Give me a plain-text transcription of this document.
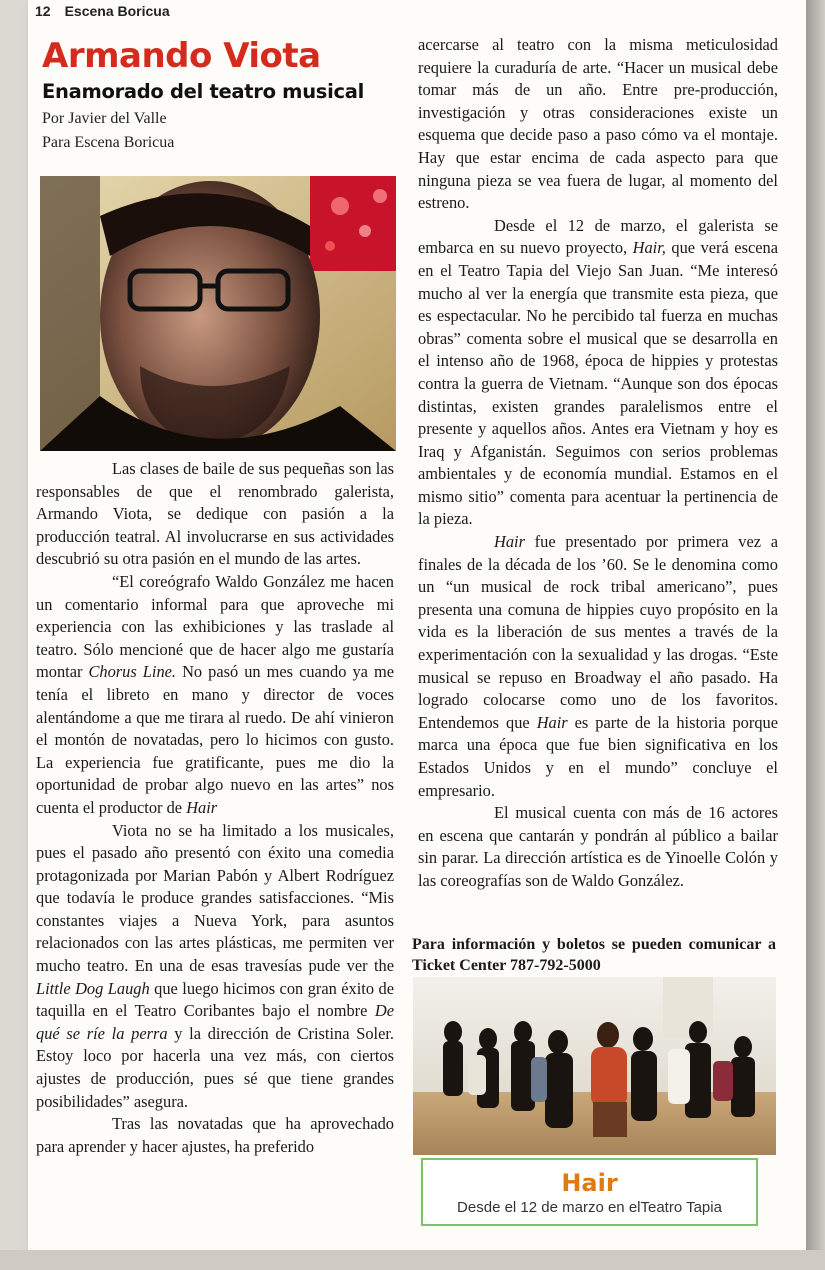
12 Escena Boricua
Armando Viota
Enamorado del teatro musical
Por Javier del Valle
Para Escena Boricua

Las clases de baile de sus pequeñas son las responsables de que el renombrado galerista, Armando Viota, se dedique con pasión a la producción teatral. Al involucrarse en sus actividades descubrió su otra pasión en el mundo de las artes.

“El coreógrafo Waldo González me hacen un comentario informal para que aproveche mi experiencia con las exhibiciones y las traslade al teatro. Sólo mencioné que de hacer algo me gustaría montar Chorus Line. No pasó un mes cuando ya me tenía el libreto en mano y director de voces alentándome a que me tirara al ruedo. De ahí vinieron el montón de novatadas, pero lo hicimos con gusto. La experiencia fue gratificante, pues me dio la oportunidad de probar algo nuevo en las artes” nos cuenta el productor de Hair

Viota no se ha limitado a los musicales, pues el pasado año presentó con éxito una comedia protagonizada por Marian Pabón y Albert Rodríguez que todavía le produce grandes satisfacciones. “Mis constantes viajes a Nueva York, para asuntos relacionados con las artes plásticas, me permiten ver mucho teatro. En una de esas travesías pude ver the Little Dog Laugh que luego hicimos con gran éxito de taquilla en el Teatro Coribantes bajo el nombre De qué se ríe la perra y la dirección de Cristina Soler. Estoy loco por hacerla una vez más, con ciertos ajustes de producción, pues sé que tiene grandes posibilidades” asegura.

Tras las novatadas que ha aprovechado para aprender y hacer ajustes, ha preferido

acercarse al teatro con la misma meticulosidad requiere la curaduría de arte. “Hacer un musical debe tomar más de un año. Entre pre-producción, investigación y otras consideraciones existe un esquema que decide paso a paso cómo va el montaje. Hay que estar encima de cada aspecto para que ninguna pieza se vea fuera de lugar, al momento del estreno.

Desde el 12 de marzo, el galerista se embarca en su nuevo proyecto, Hair, que verá escena en el Teatro Tapia del Viejo San Juan. “Me interesó mucho al ver la energía que transmite esta pieza, que es espectacular. No he percibido tal fuerza en muchas obras” comenta sobre el musical que se desarrolla en el intenso año de 1968, época de hippies y protestas contra la guerra de Vietnam. “Aunque son dos épocas distintas, existen grandes paralelismos entre el presente y aquellos años. Antes era Vietnam y hoy es Iraq y Afganistán. Seguimos con serios problemas ambientales y de economía mundial. Estamos en el mismo sitio” comenta para acentuar la pertinencia de la pieza.

Hair fue presentado por primera vez a finales de la década de los ’60. Se le denomina como un “un musical de rock tribal americano”, pues presenta una comuna de hippies cuyo propósito en la vida es la liberación de sus mentes a través de la experimentación con la sexualidad y las drogas. “Este musical se repuso en Broadway el año pasado. Ha logrado colocarse como uno de los favoritos. Entendemos que Hair es parte de la historia porque marca una época que fue bien significativa en los Estados Unidos y en el mundo” concluye el empresario.

El musical cuenta con más de 16 actores en escena que cantarán y pondrán al público a bailar sin parar. La dirección artística es de Yinoelle Colón y las coreografías son de Waldo González.

Para información y boletos se pueden comunicar a Ticket Center 787-792-5000
Hair
Desde el 12 de marzo en elTeatro Tapia
